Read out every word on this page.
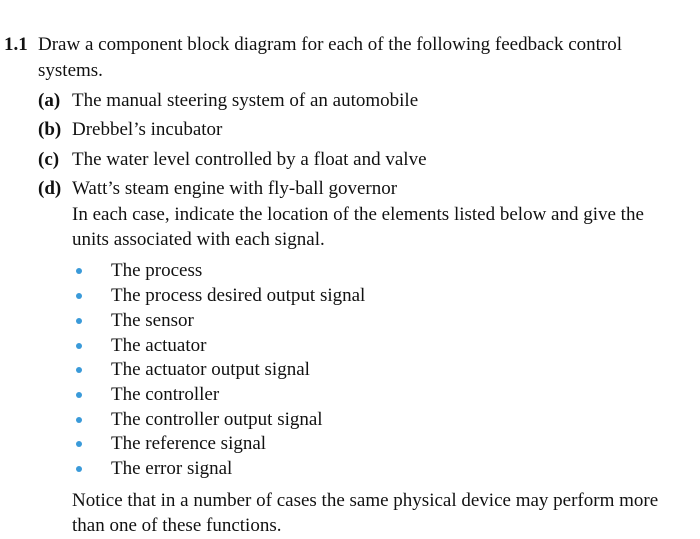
1.1 Draw a component block diagram for each of the following feedback control
systems.
(a) The manual steering system of an automobile
(b) Drebbel’s incubator
(c) The water level controlled by a float and valve
(d) Watt’s steam engine with fly-ball governor
In each case, indicate the location of the elements listed below and give the
units associated with each signal.
The process
The process desired output signal
The sensor
The actuator
The actuator output signal
The controller
The controller output signal
The reference signal
The error signal
Notice that in a number of cases the same physical device may perform more
than one of these functions.
